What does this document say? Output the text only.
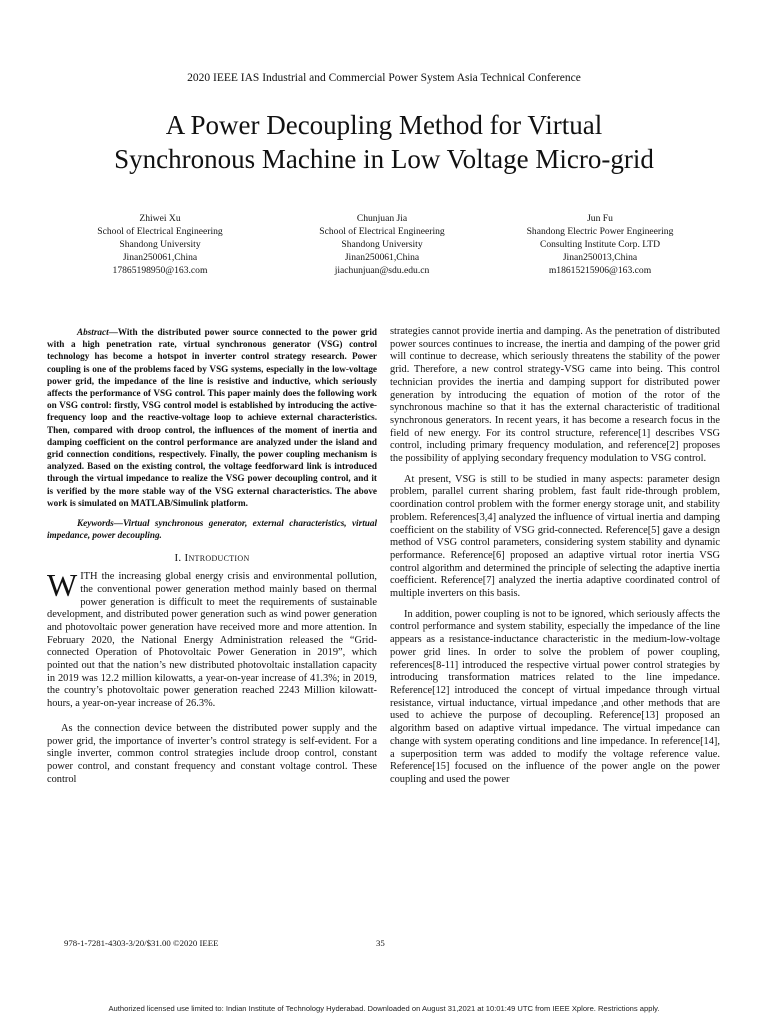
2020 IEEE IAS Industrial and Commercial Power System Asia Technical Conference
A Power Decoupling Method for Virtual
Synchronous Machine in Low Voltage Micro-grid
Zhiwei Xu
School of Electrical Engineering
Shandong University
Jinan250061,China
17865198950@163.com
Chunjuan Jia
School of Electrical Engineering
Shandong University
Jinan250061,China
jiachunjuan@sdu.edu.cn
Jun Fu
Shandong Electric Power Engineering
Consulting Institute Corp. LTD
Jinan250013,China
m18615215906@163.com

Abstract—With the distributed power source connected to the power grid with a high penetration rate, virtual synchronous generator (VSG) control technology has become a hotspot in inverter control strategy research. Power coupling is one of the problems faced by VSG systems, especially in the low-voltage power grid, the impedance of the line is resistive and inductive, which seriously affects the performance of VSG control. This paper mainly does the following work on VSG control: firstly, VSG control model is established by introducing the active-frequency loop and the reactive-voltage loop to achieve external characteristics. Then, compared with droop control, the influences of the moment of inertia and damping coefficient on the control performance are analyzed under the island and grid connection conditions, respectively. Finally, the power coupling mechanism is analyzed. Based on the existing control, the voltage feedforward link is introduced through the virtual impedance to realize the VSG power decoupling control, and it is verified by the more stable way of the VSG external characteristics. The above work is simulated on MATLAB/Simulink platform.

Keywords—Virtual synchronous generator, external characteristics, virtual impedance, power decoupling.

I. Introduction

WITH the increasing global energy crisis and environmental pollution, the conventional power generation method mainly based on thermal power generation is difficult to meet the requirements of sustainable development, and distributed power generation such as wind power generation and photovoltaic power generation have received more and more attention. In February 2020, the National Energy Administration released the “Grid-connected Operation of Photovoltaic Power Generation in 2019”, which pointed out that the nation’s new distributed photovoltaic installation capacity in 2019 was 12.2 million kilowatts, a year-on-year increase of 41.3%; in 2019, the country’s photovoltaic power generation reached 2243 Million kilowatt-hours, a year-on-year increase of 26.3%.

As the connection device between the distributed power supply and the power grid, the importance of inverter’s control strategy is self-evident. For a single inverter, common control strategies include droop control, constant power control, and constant frequency and constant voltage control. These control

strategies cannot provide inertia and damping. As the penetration of distributed power sources continues to increase, the inertia and damping of the power grid will continue to decrease, which seriously threatens the stability of the power grid. Therefore, a new control strategy-VSG came into being. This control technician provides the inertia and damping support for distributed power generation by introducing the equation of motion of the rotor of the synchronous machine so that it has the external characteristic of traditional synchronous generators. In recent years, it has become a research focus in the field of new energy. For its control structure, reference[1] describes VSG control, including primary frequency modulation, and reference[2] proposes the possibility of applying secondary frequency modulation to VSG control.

At present, VSG is still to be studied in many aspects: parameter design problem, parallel current sharing problem, fast fault ride-through problem, coordination control problem with the former energy storage unit, and stability problem. References[3,4] analyzed the influence of virtual inertia and damping coefficient on the stability of VSG grid-connected. Reference[5] gave a design method of VSG control parameters, considering system stability and dynamic performance. Reference[6] proposed an adaptive virtual rotor inertia VSG control algorithm and determined the principle of selecting the adaptive inertia coefficient. Reference[7] analyzed the inertia adaptive coordinated control of multiple inverters on this basis.

In addition, power coupling is not to be ignored, which seriously affects the control performance and system stability, especially the impedance of the line appears as a resistance-inductance characteristic in the medium-low-voltage power grid lines. In order to solve the problem of power coupling, references[8-11] introduced the respective virtual power control strategies by introducing transformation matrices related to the line impedance. Reference[12] introduced the concept of virtual impedance through virtual resistance, virtual inductance, virtual impedance ,and other methods that are used to achieve the purpose of decoupling. Reference[13] proposed an algorithm based on adaptive virtual impedance. The virtual impedance can change with system operating conditions and line impedance. In reference[14], a superposition term was added to modify the voltage reference value. Reference[15] focused on the influence of the power angle on the power coupling and used the power

978-1-7281-4303-3/20/$31.00 ©2020 IEEE	35
Authorized licensed use limited to: Indian Institute of Technology Hyderabad. Downloaded on August 31,2021 at 10:01:49 UTC from IEEE Xplore. Restrictions apply.
